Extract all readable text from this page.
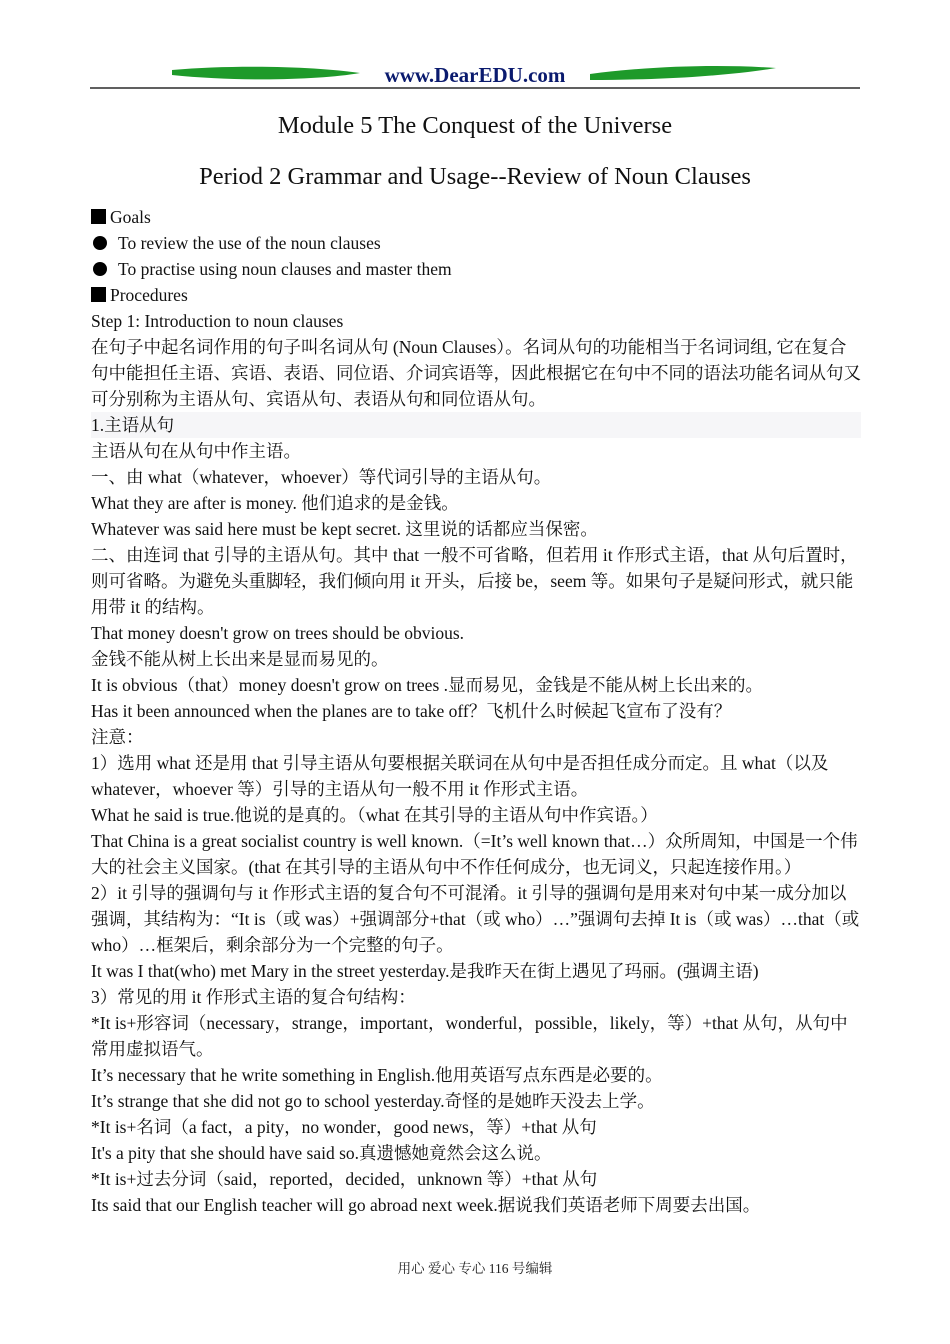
www.DearEDU.com
Module 5 The Conquest of the Universe
Period 2 Grammar and Usage--Review of Noun Clauses

Goals

To review the use of the noun clauses

To practise using noun clauses and master them

Procedures

Step 1: Introduction to noun clauses

在句子中起名词作用的句子叫名词从句 (Noun Clauses）。名词从句的功能相当于名词词组, 它在复合句中能担任主语、宾语、表语、同位语、介词宾语等，因此根据它在句中不同的语法功能名词从句又可分别称为主语从句、宾语从句、表语从句和同位语从句。

1.主语从句

主语从句在从句中作主语。

一、由 what（whatever，whoever）等代词引导的主语从句。

What they are after is money. 他们追求的是金钱。

Whatever was said here must be kept secret. 这里说的话都应当保密。

二、由连词 that 引导的主语从句。其中 that 一般不可省略，但若用 it 作形式主语，that 从句后置时，则可省略。为避免头重脚轻，我们倾向用 it 开头，后接 be，seem 等。如果句子是疑问形式，就只能用带 it 的结构。

That money doesn't grow on trees should be obvious.

金钱不能从树上长出来是显而易见的。

It is obvious（that）money doesn't grow on trees .显而易见，金钱是不能从树上长出来的。

Has it been announced when the planes are to take off？飞机什么时候起飞宣布了没有？

注意：

1）选用 what 还是用 that 引导主语从句要根据关联词在从句中是否担任成分而定。且 what（以及 whatever，whoever 等）引导的主语从句一般不用 it 作形式主语。

What he said is true.他说的是真的。（what 在其引导的主语从句中作宾语。）

That China is a great socialist country is well known.（=It’s well known that…）众所周知，中国是一个伟大的社会主义国家。(that 在其引导的主语从句中不作任何成分，也无词义，只起连接作用。）

2）it 引导的强调句与 it 作形式主语的复合句不可混淆。it 引导的强调句是用来对句中某一成分加以强调，其结构为：“It is（或 was）+强调部分+that（或 who）…”强调句去掉 It is（或 was）…that（或 who）…框架后，剩余部分为一个完整的句子。

It was I that(who) met Mary in the street yesterday.是我昨天在街上遇见了玛丽。(强调主语)

3）常见的用 it 作形式主语的复合句结构：

*It is+形容词（necessary，strange，important，wonderful，possible，likely，等）+that 从句，从句中常用虚拟语气。

It’s necessary that he write something in English.他用英语写点东西是必要的。

It’s strange that she did not go to school yesterday.奇怪的是她昨天没去上学。

*It is+名词（a fact，a pity，no wonder，good news，等）+that 从句

It's a pity that she should have said so.真遗憾她竟然会这么说。

*It is+过去分词（said，reported，decided，unknown 等）+that 从句

Its said that our English teacher will go abroad next week.据说我们英语老师下周要去出国。

用心 爱心 专心 116 号编辑
